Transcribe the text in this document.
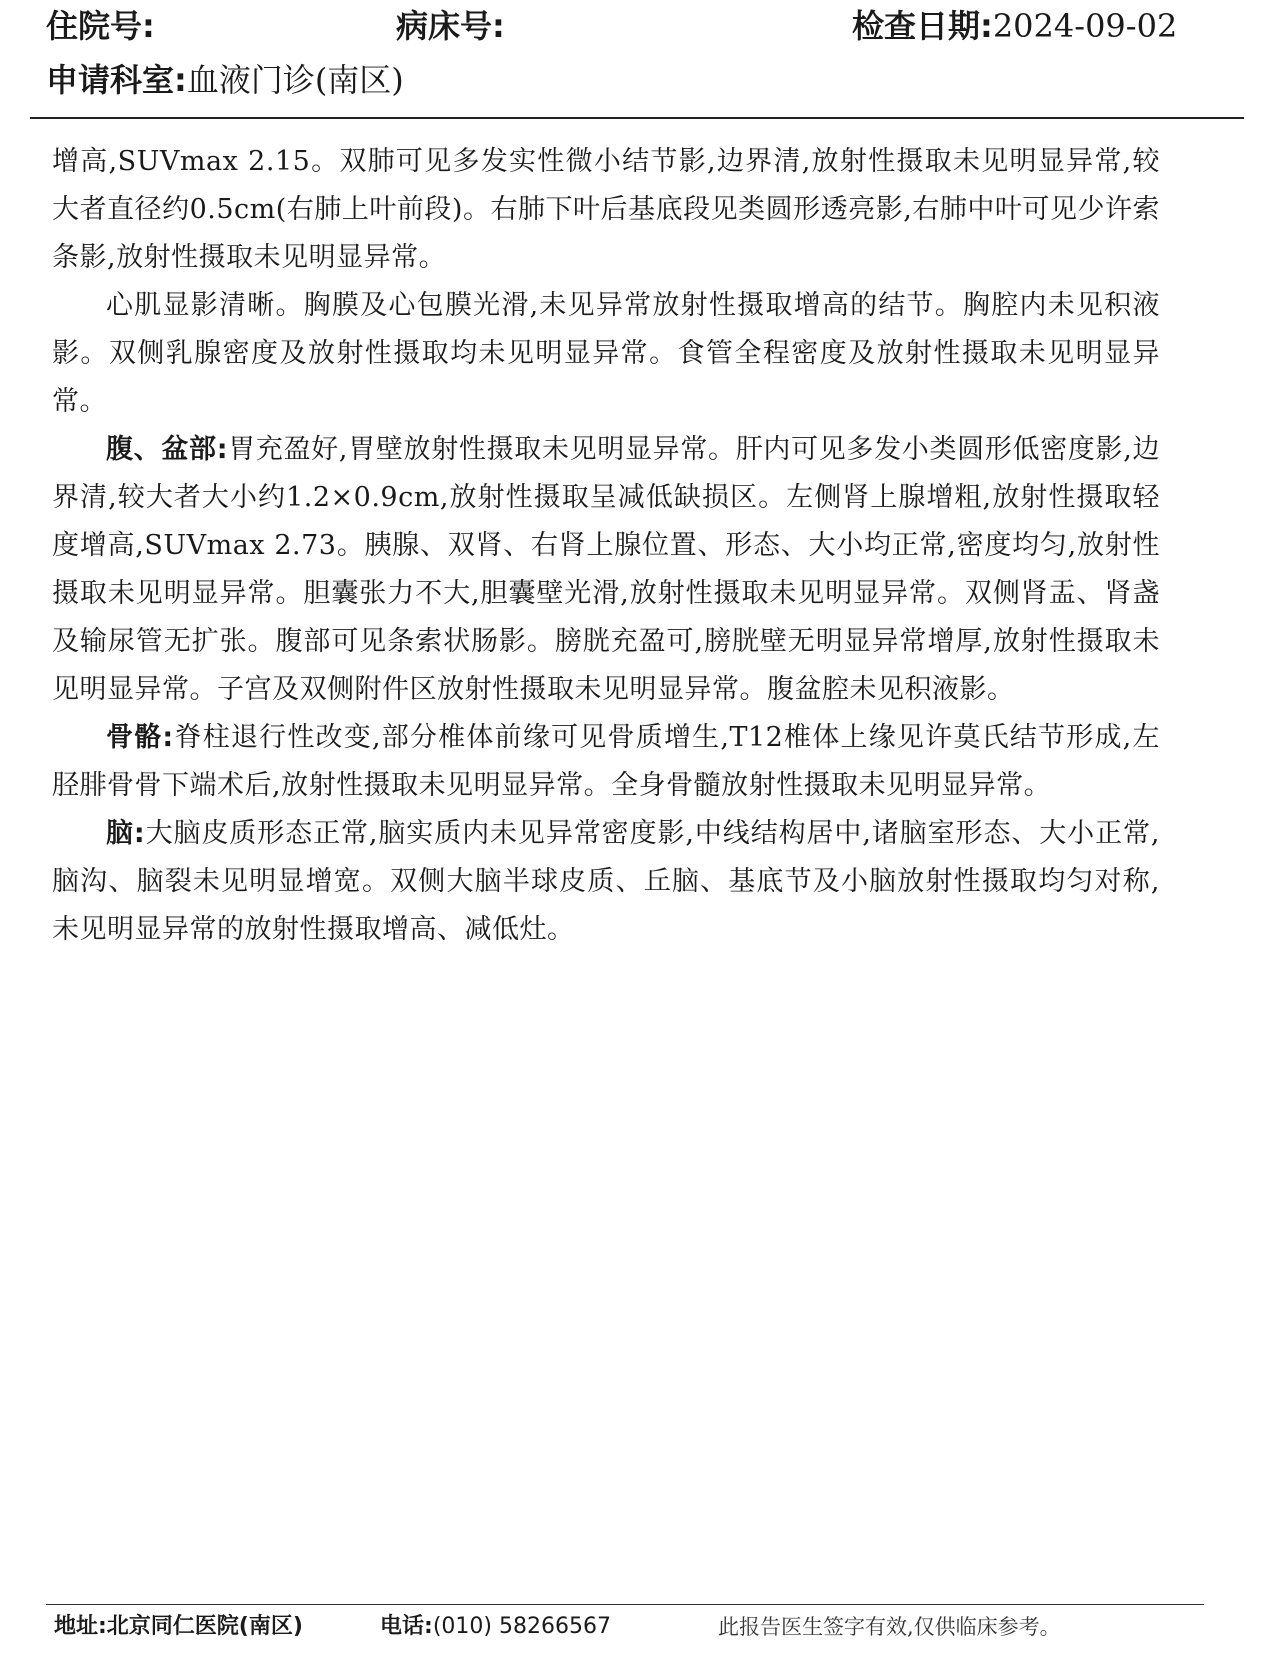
住院号:	病床号:	检查日期:2024-09-02
申请科室:血液门诊(南区)

增高,SUVmax 2.15。双肺可见多发实性微小结节影,边界清,放射性摄取未见明显异常,较大者直径约0.5cm(右肺上叶前段)。右肺下叶后基底段见类圆形透亮影,右肺中叶可见少许索条影,放射性摄取未见明显异常。

心肌显影清晰。胸膜及心包膜光滑,未见异常放射性摄取增高的结节。胸腔内未见积液影。双侧乳腺密度及放射性摄取均未见明显异常。食管全程密度及放射性摄取未见明显异常。

腹、盆部:胃充盈好,胃壁放射性摄取未见明显异常。肝内可见多发小类圆形低密度影,边界清,较大者大小约1.2×0.9cm,放射性摄取呈减低缺损区。左侧肾上腺增粗,放射性摄取轻度增高,SUVmax 2.73。胰腺、双肾、右肾上腺位置、形态、大小均正常,密度均匀,放射性摄取未见明显异常。胆囊张力不大,胆囊壁光滑,放射性摄取未见明显异常。双侧肾盂、肾盏及输尿管无扩张。腹部可见条索状肠影。膀胱充盈可,膀胱壁无明显异常增厚,放射性摄取未见明显异常。子宫及双侧附件区放射性摄取未见明显异常。腹盆腔未见积液影。

骨骼:脊柱退行性改变,部分椎体前缘可见骨质增生,T12椎体上缘见许莫氏结节形成,左胫腓骨骨下端术后,放射性摄取未见明显异常。全身骨髓放射性摄取未见明显异常。

脑:大脑皮质形态正常,脑实质内未见异常密度影,中线结构居中,诸脑室形态、大小正常,脑沟、脑裂未见明显增宽。双侧大脑半球皮质、丘脑、基底节及小脑放射性摄取均匀对称,未见明显异常的放射性摄取增高、减低灶。

地址:北京同仁医院(南区)	电话:(010) 58266567	此报告医生签字有效,仅供临床参考。
